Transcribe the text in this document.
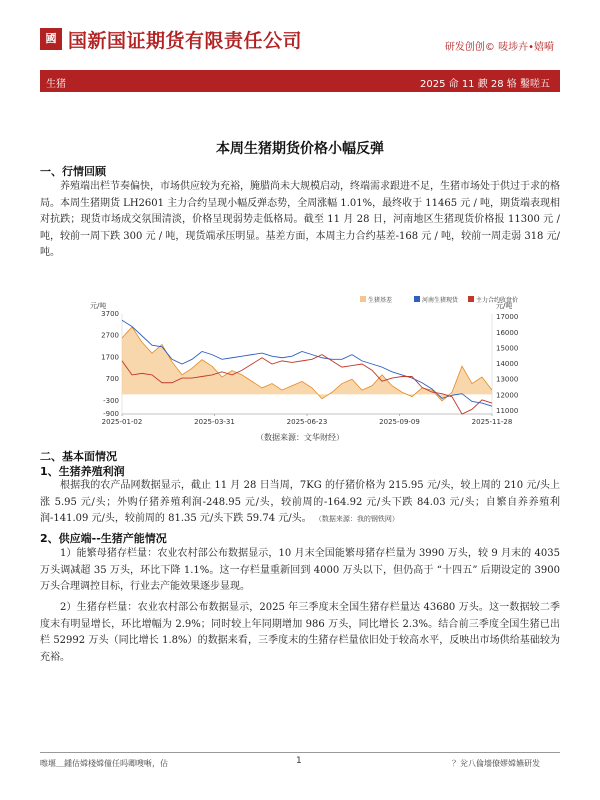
國 国新国证期货有限责任公司	研发创创© 唛埗卉•嬉嗬
生猪	2025 命 11 斔 28 辂 鑿嗟五
本周生猪期货价格小幅反弹
一、行情回顾
养殖端出栏节奏偏快，市场供应较为充裕，腌腊尚未大规模启动，终端需求跟进不足，生猪市场处于供过于求的格局。本周生猪期货 LH2601 主力合约呈现小幅反弹态势，全周涨幅 1.01%，最终收于 11465 元 / 吨，期货端表现相对抗跌；现货市场成交氛围清淡，价格呈现弱势走低格局。截至 11 月 28 日，河南地区生猪现货价格报 11300 元 / 吨，较前一周下跌 300 元 / 吨，现货端承压明显。基差方面，本周主力合约基差-168 元 / 吨，较前一周走弱 318 元/吨。
元/吨	元/吨
生猪基差	河南生猪现货	主力合约收盘价
3700
2700
1700
700
-300
-900
17000
16000
15000
14000
13000
12000
11000
2025-01-02	2025-03-31	2025-06-23	2025-09-09	2025-11-28
（数据来源：文华财经）
二、基本面情况
1、生猪养殖利润
根据我的农产品网数据显示，截止 11 月 28 日当周，7KG 的仔猪价格为 215.95 元/头，较上周的 210 元/头上涨 5.95 元/头；外购仔猪养殖利润-248.95 元/头，较前周的-164.92 元/头下跌 84.03 元/头；自繁自养养殖利润-141.09 元/头，较前周的 81.35 元/头下跌 59.74 元/头。 （数据来源：我的钢铁网）
2、供应端--生猪产能情况
1）能繁母猪存栏量：农业农村部公布数据显示，10 月末全国能繁母猪存栏量为 3990 万头，较 9 月末的 4035 万头调减超 35 万头，环比下降 1.1%。这一存栏量重新回到 4000 万头以下，但仍高于 “十四五” 后期设定的 3900 万头合理调控目标，行业去产能效果逐步显现。
2）生猪存栏量：农业农村部公布数据显示，2025 年三季度末全国生猪存栏量达 43680 万头。这一数据较二季度末有明显增长，环比增幅为 2.9%；同时较上年同期增加 986 万头，同比增长 2.3%。结合前三季度全国生猪已出栏 52992 万头（同比增长 1.8%）的数据来看，三季度末的生猪存栏量依旧处于较高水平，反映出市场供给基础较为充裕。
嚓堰＿鍾估嫦棧嫦僮任吗卿嗖唽，佔	1	？兊八倫墻僚嫪嫦嬿研发
